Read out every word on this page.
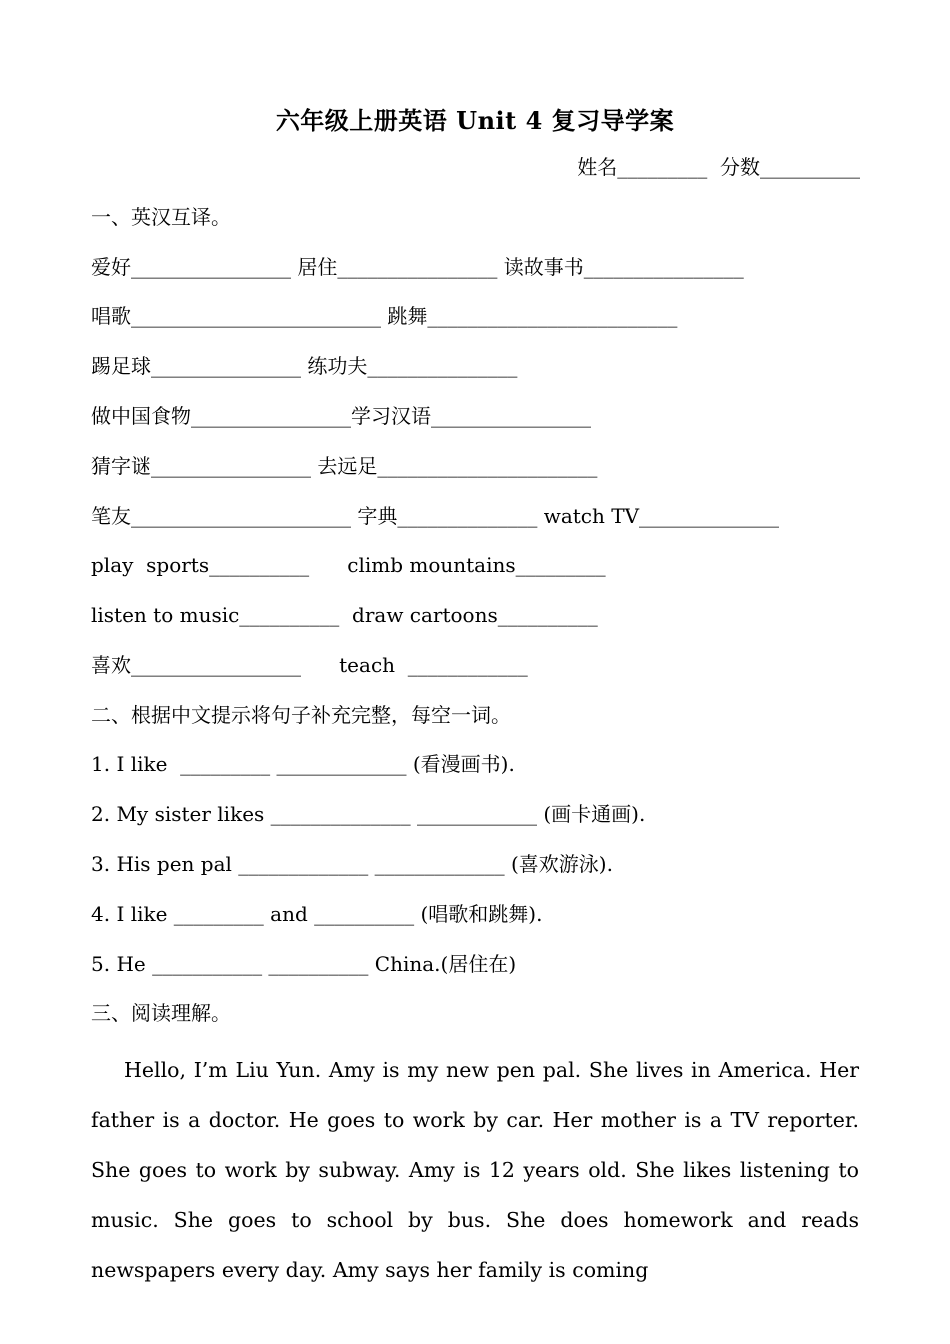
六年级上册英语 Unit 4 复习导学案
姓名_________  分数__________
一、英汉互译。
爱好________________ 居住________________ 读故事书________________
唱歌_________________________ 跳舞_________________________
踢足球_______________ 练功夫_______________
做中国食物________________学习汉语________________
猜字谜________________ 去远足______________________
笔友______________________ 字典______________ watch TV______________
play  sports__________      climb mountains_________
listen to music__________  draw cartoons__________
喜欢_________________      teach  ____________
二、根据中文提示将句子补充完整，每空一词。
1. I like  _________ _____________ (看漫画书).
2. My sister likes ______________ ____________ (画卡通画).
3. His pen pal _____________ _____________ (喜欢游泳).
4. I like _________ and __________ (唱歌和跳舞).
5. He ___________ __________ China.(居住在)
三、阅读理解。
Hello, I’m Liu Yun. Amy is my new pen pal. She lives in America. Her father is a doctor. He goes to work by car. Her mother is a TV reporter. She goes to work by subway. Amy is 12 years old. She likes listening to music. She goes to school by bus. She does homework and reads newspapers every day. Amy says her family is coming
